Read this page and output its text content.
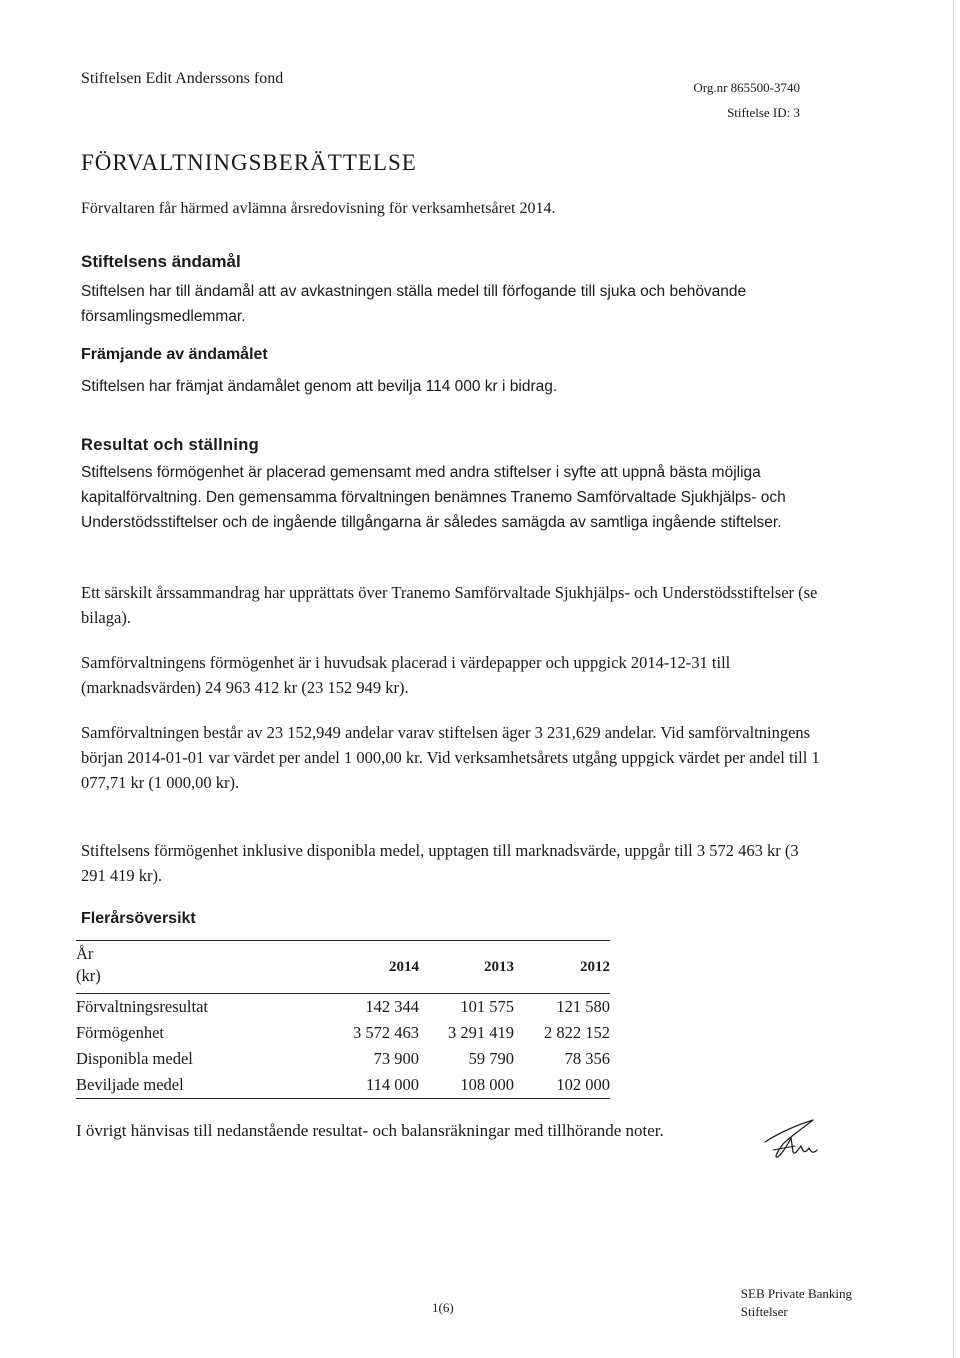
Stiftelsen Edit Anderssons fond
Org.nr 865500-3740
Stiftelse ID: 3
FÖRVALTNINGSBERÄTTELSE
Förvaltaren får härmed avlämna årsredovisning för verksamhetsåret 2014.
Stiftelsens ändamål
Stiftelsen har till ändamål att av avkastningen ställa medel till förfogande till sjuka och behövande församlingsmedlemmar.
Främjande av ändamålet
Stiftelsen har främjat ändamålet genom att bevilja 114 000 kr i bidrag.
Resultat och ställning
Stiftelsens förmögenhet är placerad gemensamt med andra stiftelser i syfte att uppnå bästa möjliga kapitalförvaltning. Den gemensamma förvaltningen benämnes Tranemo Samförvaltade Sjukhjälps- och Understödsstiftelser och de ingående tillgångarna är således samägda av samtliga ingående stiftelser.
Ett särskilt årssammandrag har upprättats över Tranemo Samförvaltade Sjukhjälps- och Understödsstiftelser (se bilaga).
Samförvaltningens förmögenhet är i huvudsak placerad i värdepapper och uppgick 2014-12-31 till (marknadsvärden) 24 963 412 kr (23 152 949 kr).
Samförvaltningen består av 23 152,949 andelar varav stiftelsen äger 3 231,629 andelar. Vid samförvaltningens början 2014-01-01 var värdet per andel 1 000,00 kr. Vid verksamhetsårets utgång uppgick värdet per andel till 1 077,71 kr (1 000,00 kr).
Stiftelsens förmögenhet inklusive disponibla medel, upptagen till marknadsvärde, uppgår till 3 572 463 kr (3 291 419 kr).
Flerårsöversikt
År
(kr)	2014	2013	2012
Förvaltningsresultat	142 344	101 575	121 580
Förmögenhet	3 572 463	3 291 419	2 822 152
Disponibla medel	73 900	59 790	78 356
Beviljade medel	114 000	108 000	102 000
I övrigt hänvisas till nedanstående resultat- och balansräkningar med tillhörande noter.
1(6)
SEB Private Banking
Stiftelser
